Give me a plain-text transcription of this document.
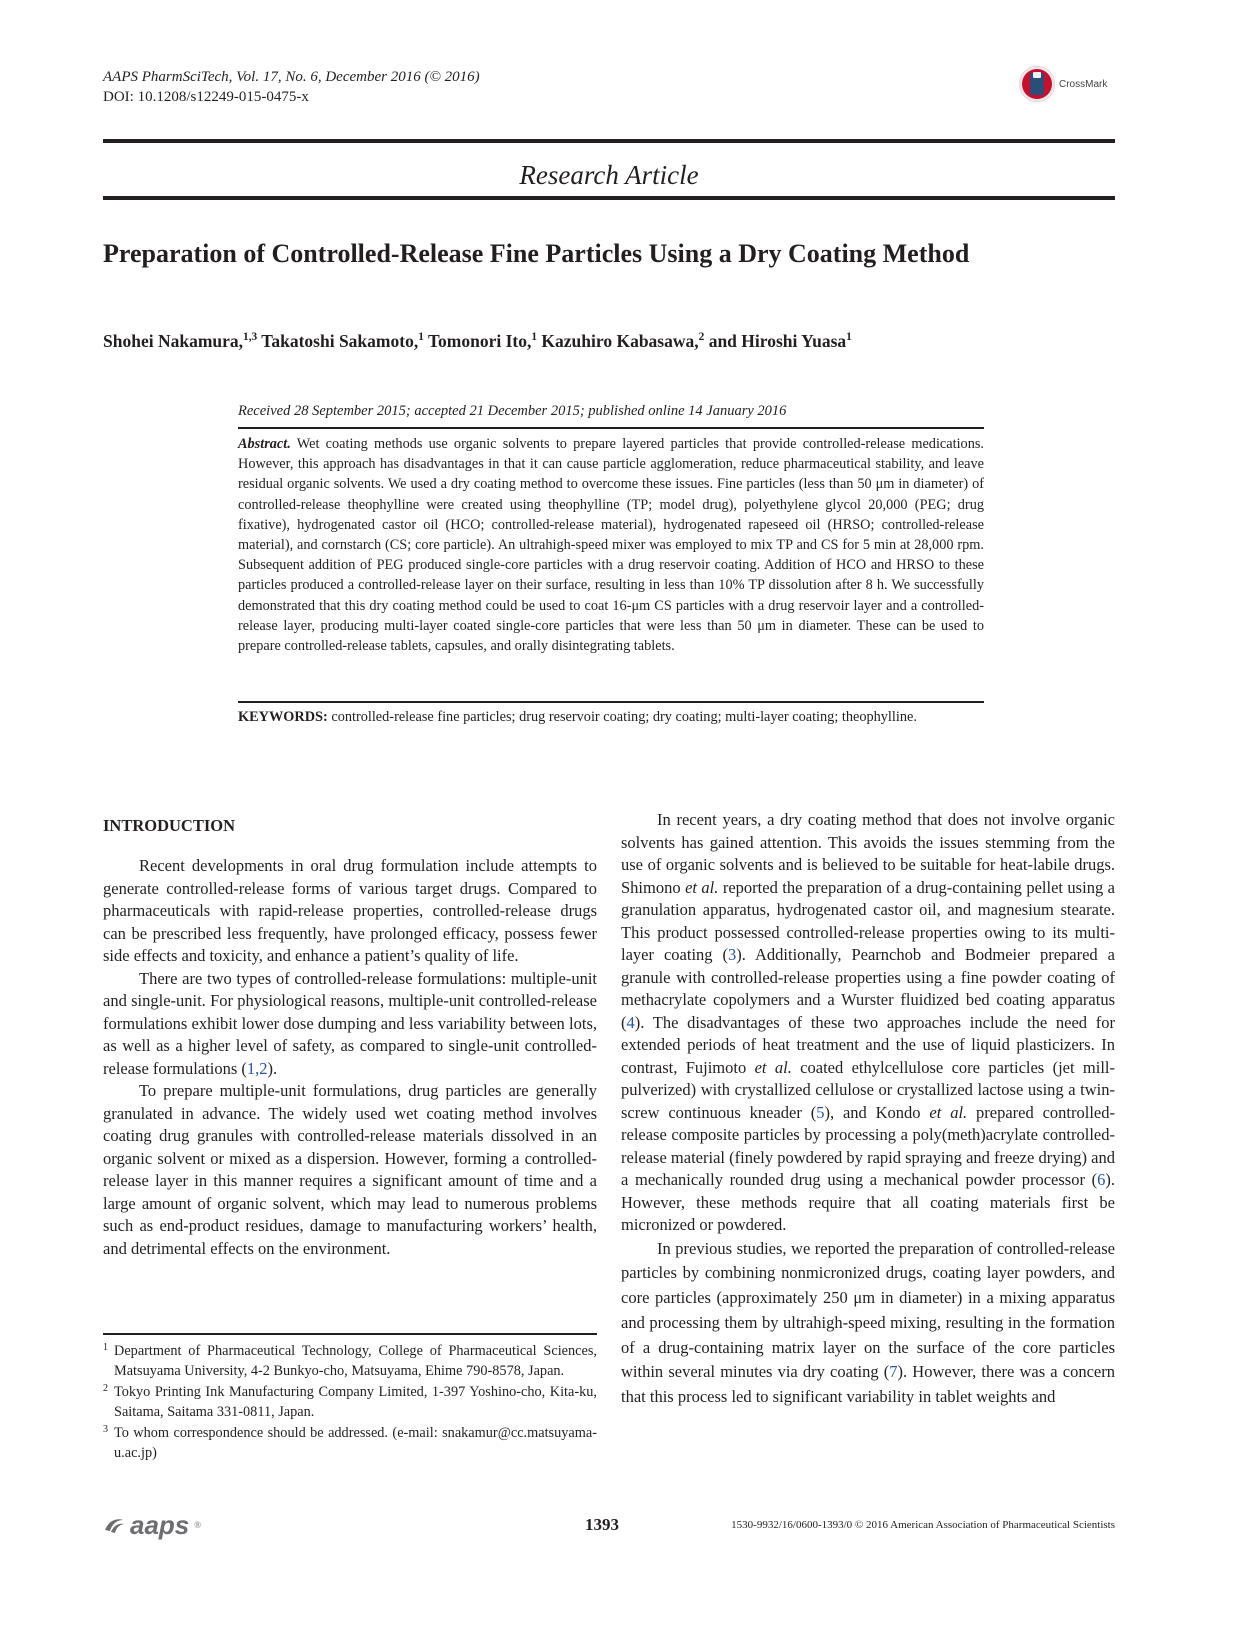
AAPS PharmSciTech, Vol. 17, No. 6, December 2016 (© 2016)
DOI: 10.1208/s12249-015-0475-x
CrossMark
Research Article
Preparation of Controlled-Release Fine Particles Using a Dry Coating Method
Shohei Nakamura,$^{1,3}$ Takatoshi Sakamoto,$^1$ Tomonori Ito,$^1$ Kazuhiro Kabasawa,$^2$ and Hiroshi Yuasa$^1$
Received 28 September 2015; accepted 21 December 2015; published online 14 January 2016
Abstract. Wet coating methods use organic solvents to prepare layered particles that provide controlled-release medications. However, this approach has disadvantages in that it can cause particle agglomeration, reduce pharmaceutical stability, and leave residual organic solvents. We used a dry coating method to overcome these issues. Fine particles (less than 50 μm in diameter) of controlled-release theophylline were created using theophylline (TP; model drug), polyethylene glycol 20,000 (PEG; drug fixative), hydrogenated castor oil (HCO; controlled-release material), hydrogenated rapeseed oil (HRSO; controlled-release material), and cornstarch (CS; core particle). An ultrahigh-speed mixer was employed to mix TP and CS for 5 min at 28,000 rpm. Subsequent addition of PEG produced single-core particles with a drug reservoir coating. Addition of HCO and HRSO to these particles produced a controlled-release layer on their surface, resulting in less than 10% TP dissolution after 8 h. We successfully demonstrated that this dry coating method could be used to coat 16-μm CS particles with a drug reservoir layer and a controlled-release layer, producing multi-layer coated single-core particles that were less than 50 μm in diameter. These can be used to prepare controlled-release tablets, capsules, and orally disintegrating tablets.
KEYWORDS: controlled-release fine particles; drug reservoir coating; dry coating; multi-layer coating; theophylline.
INTRODUCTION

Recent developments in oral drug formulation include attempts to generate controlled-release forms of various target drugs. Compared to pharmaceuticals with rapid-release properties, controlled-release drugs can be prescribed less frequently, have prolonged efficacy, possess fewer side effects and toxicity, and enhance a patient’s quality of life.

There are two types of controlled-release formulations: multiple-unit and single-unit. For physiological reasons, multiple-unit controlled-release formulations exhibit lower dose dumping and less variability between lots, as well as a higher level of safety, as compared to single-unit controlled-release formulations (1,2).

To prepare multiple-unit formulations, drug particles are generally granulated in advance. The widely used wet coating method involves coating drug granules with controlled-release materials dissolved in an organic solvent or mixed as a dispersion. However, forming a controlled-release layer in this manner requires a significant amount of time and a large amount of organic solvent, which may lead to numerous problems such as end-product residues, damage to manufacturing workers’ health, and detrimental effects on the environment.

In recent years, a dry coating method that does not involve organic solvents has gained attention. This avoids the issues stemming from the use of organic solvents and is believed to be suitable for heat-labile drugs. Shimono et al. reported the preparation of a drug-containing pellet using a granulation apparatus, hydrogenated castor oil, and magnesium stearate. This product possessed controlled-release properties owing to its multi-layer coating (3). Additionally, Pearnchob and Bodmeier prepared a granule with controlled-release properties using a fine powder coating of methacrylate copolymers and a Wurster fluidized bed coating apparatus (4). The disadvantages of these two approaches include the need for extended periods of heat treatment and the use of liquid plasticizers. In contrast, Fujimoto et al. coated ethylcellulose core particles (jet mill-pulverized) with crystallized cellulose or crystallized lactose using a twin-screw continuous kneader (5), and Kondo et al. prepared controlled-release composite particles by processing a poly(meth)acrylate controlled-release material (finely powdered by rapid spraying and freeze drying) and a mechanically rounded drug using a mechanical powder processor (6). However, these methods require that all coating materials first be micronized or powdered.

In previous studies, we reported the preparation of controlled-release particles by combining nonmicronized drugs, coating layer powders, and core particles (approximately 250 μm in diameter) in a mixing apparatus and processing them by ultrahigh-speed mixing, resulting in the formation of a drug-containing matrix layer on the surface of the core particles within several minutes via dry coating (7). However, there was a concern that this process led to significant variability in tablet weights and

1 Department of Pharmaceutical Technology, College of Pharmaceutical Sciences, Matsuyama University, 4-2 Bunkyo-cho, Matsuyama, Ehime 790-8578, Japan.
2 Tokyo Printing Ink Manufacturing Company Limited, 1-397 Yoshino-cho, Kita-ku, Saitama, Saitama 331-0811, Japan.
3 To whom correspondence should be addressed. (e-mail: snakamur@cc.matsuyama-u.ac.jp)
aaps ®	1393	1530-9932/16/0600-1393/0 © 2016 American Association of Pharmaceutical Scientists
